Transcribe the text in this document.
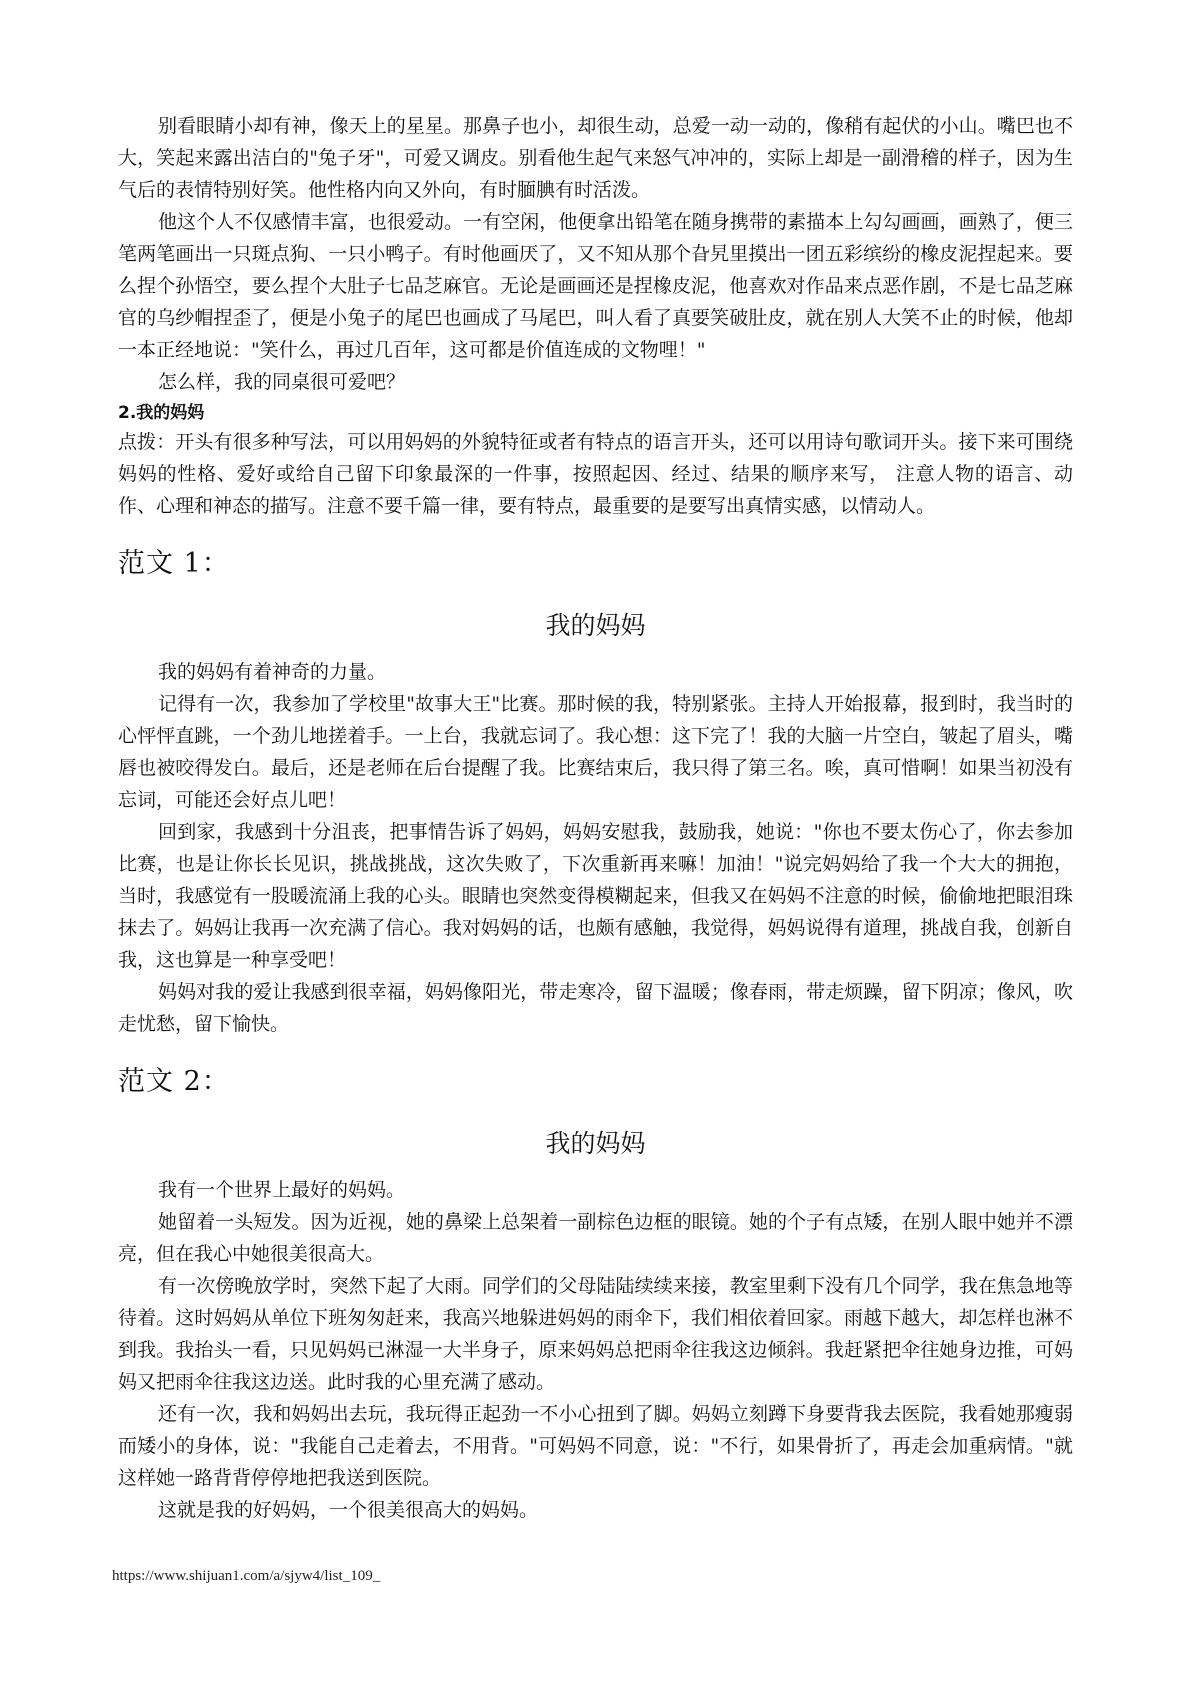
别看眼睛小却有神，像天上的星星。那鼻子也小，却很生动，总爱一动一动的，像稍有起伏的小山。嘴巴也不大，笑起来露出洁白的"兔子牙"，可爱又调皮。别看他生起气来怒气冲冲的，实际上却是一副滑稽的样子，因为生气后的表情特别好笑。他性格内向又外向，有时腼腆有时活泼。

他这个人不仅感情丰富，也很爱动。一有空闲，他便拿出铅笔在随身携带的素描本上勾勾画画，画熟了，便三笔两笔画出一只斑点狗、一只小鸭子。有时他画厌了，又不知从那个旮旯里摸出一团五彩缤纷的橡皮泥捏起来。要么捏个孙悟空，要么捏个大肚子七品芝麻官。无论是画画还是捏橡皮泥，他喜欢对作品来点恶作剧，不是七品芝麻官的乌纱帽捏歪了，便是小兔子的尾巴也画成了马尾巴，叫人看了真要笑破肚皮，就在别人大笑不止的时候，他却一本正经地说："笑什么，再过几百年，这可都是价值连成的文物哩！"

怎么样，我的同桌很可爱吧？

2.我的妈妈

点拨：开头有很多种写法，可以用妈妈的外貌特征或者有特点的语言开头，还可以用诗句歌词开头。接下来可围绕妈妈的性格、爱好或给自己留下印象最深的一件事，按照起因、经过、结果的顺序来写， 注意人物的语言、动作、心理和神态的描写。注意不要千篇一律，要有特点，最重要的是要写出真情实感，以情动人。

范文 1：

我的妈妈

我的妈妈有着神奇的力量。

记得有一次，我参加了学校里"故事大王"比赛。那时候的我，特别紧张。主持人开始报幕，报到时，我当时的心怦怦直跳，一个劲儿地搓着手。一上台，我就忘词了。我心想：这下完了！我的大脑一片空白，皱起了眉头，嘴唇也被咬得发白。最后，还是老师在后台提醒了我。比赛结束后，我只得了第三名。唉，真可惜啊！如果当初没有忘词，可能还会好点儿吧！

回到家，我感到十分沮丧，把事情告诉了妈妈，妈妈安慰我，鼓励我，她说："你也不要太伤心了，你去参加比赛，也是让你长长见识，挑战挑战，这次失败了，下次重新再来嘛！加油！"说完妈妈给了我一个大大的拥抱，当时，我感觉有一股暖流涌上我的心头。眼睛也突然变得模糊起来，但我又在妈妈不注意的时候，偷偷地把眼泪珠抹去了。妈妈让我再一次充满了信心。我对妈妈的话，也颇有感触，我觉得，妈妈说得有道理，挑战自我，创新自我，这也算是一种享受吧！

妈妈对我的爱让我感到很幸福，妈妈像阳光，带走寒冷，留下温暖；像春雨，带走烦躁，留下阴凉；像风，吹走忧愁，留下愉快。

范文 2：

我的妈妈

我有一个世界上最好的妈妈。

她留着一头短发。因为近视，她的鼻梁上总架着一副棕色边框的眼镜。她的个子有点矮，在别人眼中她并不漂亮，但在我心中她很美很高大。

有一次傍晚放学时，突然下起了大雨。同学们的父母陆陆续续来接，教室里剩下没有几个同学，我在焦急地等待着。这时妈妈从单位下班匆匆赶来，我高兴地躲进妈妈的雨伞下，我们相依着回家。雨越下越大，却怎样也淋不到我。我抬头一看，只见妈妈已淋湿一大半身子，原来妈妈总把雨伞往我这边倾斜。我赶紧把伞往她身边推，可妈妈又把雨伞往我这边送。此时我的心里充满了感动。

还有一次，我和妈妈出去玩，我玩得正起劲一不小心扭到了脚。妈妈立刻蹲下身要背我去医院，我看她那瘦弱而矮小的身体，说："我能自己走着去，不用背。"可妈妈不同意，说："不行，如果骨折了，再走会加重病情。"就这样她一路背背停停地把我送到医院。

这就是我的好妈妈，一个很美很高大的妈妈。

https://www.shijuan1.com/a/sjyw4/list_109_
